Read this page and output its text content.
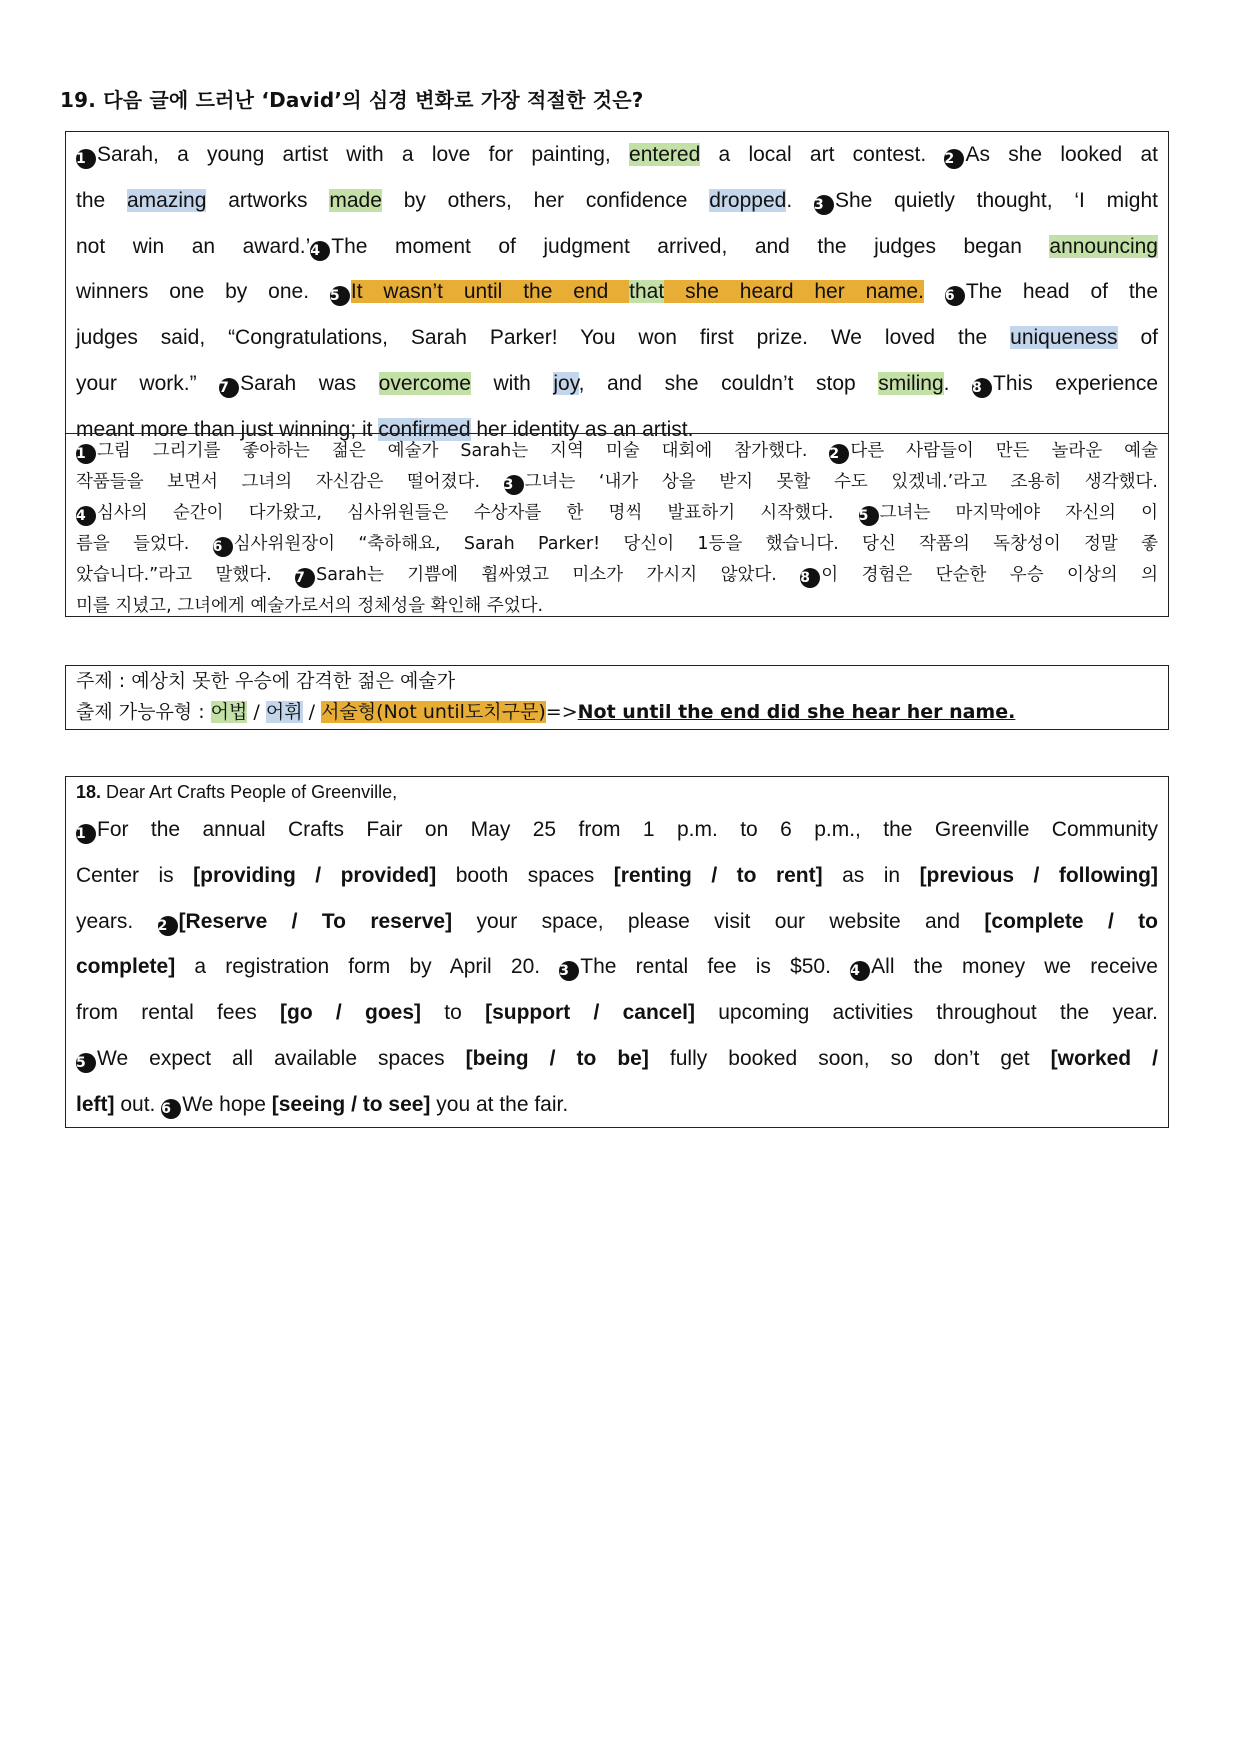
19. 다음 글에 드러난 ‘David’의 심경 변화로 가장 적절한 것은?
1 Sarah, a young artist with a love for painting, entered a local art contest. 2 As she looked at
the amazing artworks made by others, her confidence dropped. 3 She quietly thought, ‘I might
not win an award.’4 The moment of judgment arrived, and the judges began announcing
winners one by one. 5 It wasn’t until the end that she heard her name. 6 The head of the
judges said, “Congratulations, Sarah Parker! You won first prize. We loved the uniqueness of
your work.” 7 Sarah was overcome with joy, and she couldn’t stop smiling. 8 This experience
meant more than just winning; it confirmed her identity as an artist.
1 그림 그리기를 좋아하는 젊은 예술가 Sarah는 지역 미술 대회에 참가했다. 2 다른 사람들이 만든 놀라운 예술
작품들을 보면서 그녀의 자신감은 떨어졌다. 3 그녀는 ‘내가 상을 받지 못할 수도 있겠네.’라고 조용히 생각했다.
4 심사의 순간이 다가왔고, 심사위원들은 수상자를 한 명씩 발표하기 시작했다. 5 그녀는 마지막에야 자신의 이
름을 들었다. 6 심사위원장이 “축하해요, Sarah Parker! 당신이 1등을 했습니다. 당신 작품의 독창성이 정말 좋
았습니다.”라고 말했다. 7 Sarah는 기쁨에 휩싸였고 미소가 가시지 않았다. 8 이 경험은 단순한 우승 이상의 의
미를 지녔고, 그녀에게 예술가로서의 정체성을 확인해 주었다.
주제 : 예상치 못한 우승에 감격한 젊은 예술가
출제 가능유형 : 어법 / 어휘 / 서술형(Not until도치구문)=>Not until the end did she hear her name.
18. Dear Art Crafts People of Greenville,
1 For the annual Crafts Fair on May 25 from 1 p.m. to 6 p.m., the Greenville Community
Center is [providing / provided] booth spaces [renting / to rent] as in [previous / following]
years. 2 [Reserve / To reserve] your space, please visit our website and [complete / to
complete] a registration form by April 20. 3 The rental fee is $50. 4 All the money we receive
from rental fees [go / goes] to [support / cancel] upcoming activities throughout the year.
5 We expect all available spaces [being / to be] fully booked soon, so don’t get [worked /
left] out. 6 We hope [seeing / to see] you at the fair.
